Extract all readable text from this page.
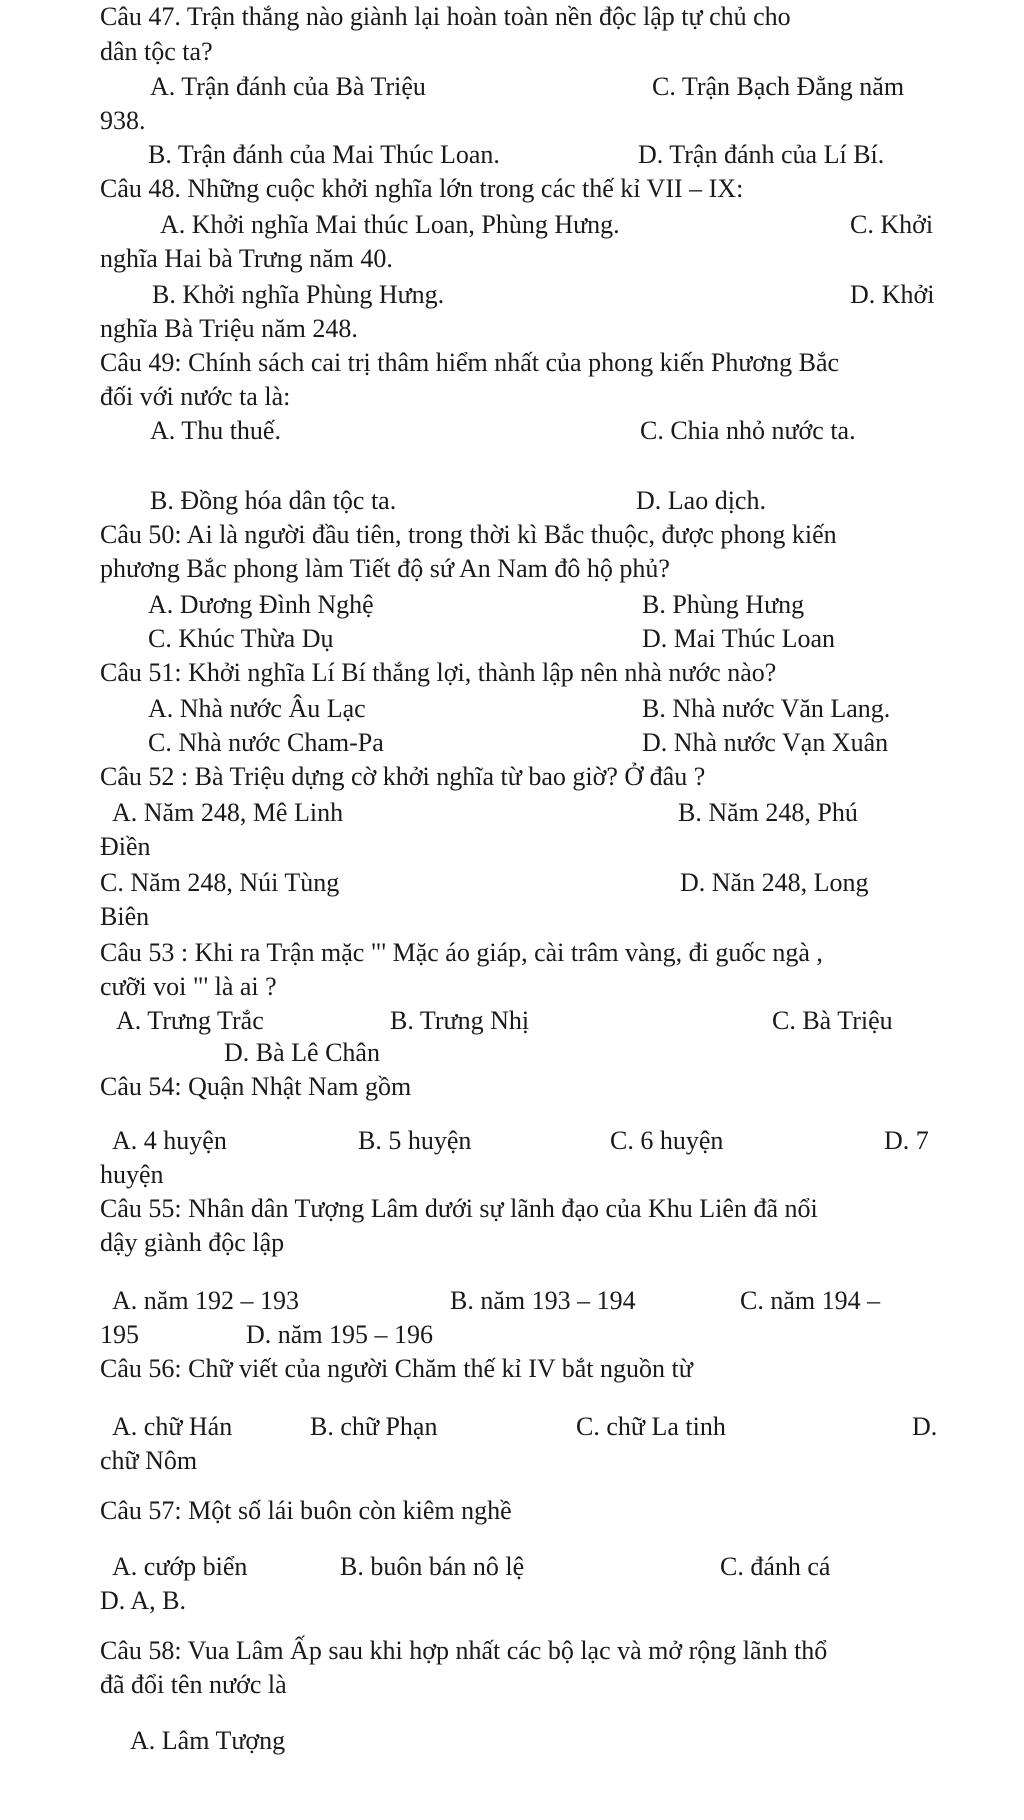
Câu 47. Trận thắng nào giành lại hoàn toàn nền độc lập tự chủ cho
dân tộc ta?
A. Trận đánh của Bà Triệu	C. Trận Bạch Đằng năm
938.
B. Trận đánh của Mai Thúc Loan.	D. Trận đánh của Lí Bí.
Câu 48. Những cuộc khởi nghĩa lớn trong các thế kỉ VII – IX:
A. Khởi nghĩa Mai thúc Loan, Phùng Hưng.	C. Khởi
nghĩa Hai bà Trưng năm 40.
B. Khởi nghĩa Phùng Hưng.	D. Khởi
nghĩa Bà Triệu năm 248.
Câu 49: Chính sách cai trị thâm hiểm nhất của phong kiến Phương Bắc
đối với nước ta là:
A. Thu thuế.	C. Chia nhỏ nước ta.
B. Đồng hóa dân tộc ta.	D. Lao dịch.
Câu 50: Ai là người đầu tiên, trong thời kì Bắc thuộc, được phong kiến
phương Bắc phong làm Tiết độ sứ An Nam đô hộ phủ?
A. Dương Đình Nghệ	B. Phùng Hưng
C. Khúc Thừa Dụ	D. Mai Thúc Loan
Câu 51: Khởi nghĩa Lí Bí thắng lợi, thành lập nên nhà nước nào?
A. Nhà nước Âu Lạc	B. Nhà nước Văn Lang.
C. Nhà nước Cham-Pa	D. Nhà nước Vạn Xuân
Câu 52 : Bà Triệu dựng cờ khởi nghĩa từ bao giờ? Ở đâu ?
A. Năm 248, Mê Linh	B. Năm 248, Phú
Điền
C. Năm 248, Núi Tùng	D. Năn 248, Long
Biên
Câu 53 : Khi ra Trận mặc "' Mặc áo giáp, cài trâm vàng, đi guốc ngà ,
cưỡi voi "' là ai ?
A. Trưng Trắc	B. Trưng Nhị	C. Bà Triệu
D. Bà Lê Chân
Câu 54: Quận Nhật Nam gồm
A. 4 huyện	B. 5 huyện	C. 6 huyện	D. 7
huyện
Câu 55: Nhân dân Tượng Lâm dưới sự lãnh đạo của Khu Liên đã nổi
dậy giành độc lập
A. năm 192 – 193	B. năm 193 – 194	C. năm 194 –
195	D. năm 195 – 196
Câu 56: Chữ viết của người Chăm thế kỉ IV bắt nguồn từ
A. chữ Hán	B. chữ Phạn	C. chữ La tinh	D.
chữ Nôm
Câu 57: Một số lái buôn còn kiêm nghề
A. cướp biển	B. buôn bán nô lệ	C. đánh cá
D. A, B.
Câu 58: Vua Lâm Ấp sau khi hợp nhất các bộ lạc và mở rộng lãnh thổ
đã đổi tên nước là
A. Lâm Tượng
